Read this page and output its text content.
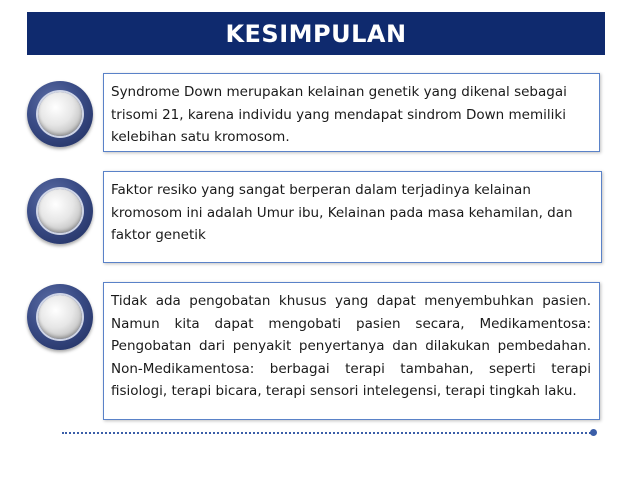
KESIMPULAN
Syndrome Down merupakan kelainan genetik yang dikenal sebagai trisomi 21, karena individu yang mendapat sindrom Down memiliki kelebihan satu kromosom.
Faktor resiko yang sangat berperan dalam terjadinya kelainan kromosom ini adalah Umur ibu, Kelainan pada masa kehamilan, dan faktor genetik
Tidak ada pengobatan khusus yang dapat menyembuhkan pasien. Namun kita dapat mengobati pasien secara, Medikamentosa: Pengobatan dari penyakit penyertanya dan dilakukan pembedahan. Non-Medikamentosa: berbagai terapi tambahan, seperti terapi fisiologi, terapi bicara, terapi sensori intelegensi, terapi tingkah laku.
